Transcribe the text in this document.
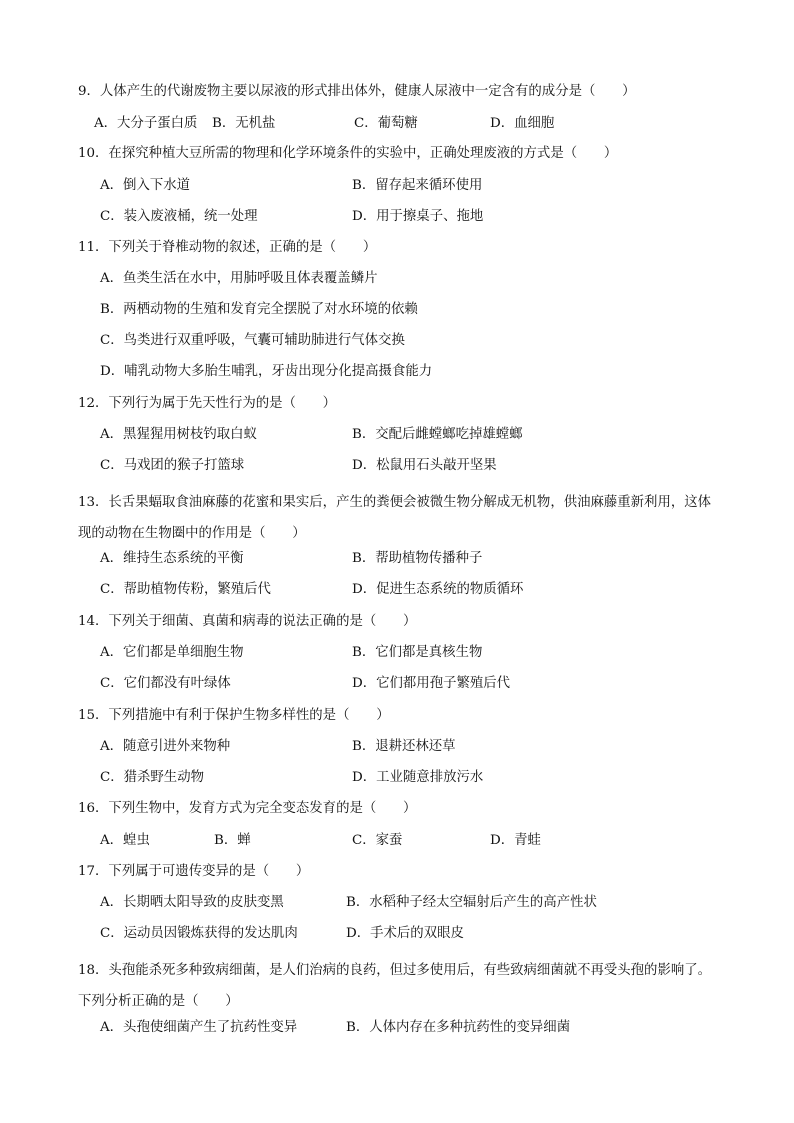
9．人体产生的代谢废物主要以尿液的形式排出体外，健康人尿液中一定含有的成分是（　　）
A．大分子蛋白质 B．无机盐	C．葡萄糖	D．血细胞
10．在探究种植大豆所需的物理和化学环境条件的实验中，正确处理废液的方式是（　　）
A．倒入下水道	B．留存起来循环使用
C．装入废液桶，统一处理	D．用于擦桌子、拖地
11．下列关于脊椎动物的叙述，正确的是（　　）
A．鱼类生活在水中，用肺呼吸且体表覆盖鳞片
B．两栖动物的生殖和发育完全摆脱了对水环境的依赖
C．鸟类进行双重呼吸，气囊可辅助肺进行气体交换
D．哺乳动物大多胎生哺乳，牙齿出现分化提高摄食能力
12．下列行为属于先天性行为的是（　　）
A．黑猩猩用树枝钓取白蚁	B．交配后雌螳螂吃掉雄螳螂
C．马戏团的猴子打篮球	D．松鼠用石头敲开坚果
13．长舌果蝠取食油麻藤的花蜜和果实后，产生的粪便会被微生物分解成无机物，供油麻藤重新利用，这体现的动物在生物圈中的作用是（　　）
A．维持生态系统的平衡	B．帮助植物传播种子
C．帮助植物传粉，繁殖后代	D．促进生态系统的物质循环
14．下列关于细菌、真菌和病毒的说法正确的是（　　）
A．它们都是单细胞生物	B．它们都是真核生物
C．它们都没有叶绿体	D．它们都用孢子繁殖后代
15．下列措施中有利于保护生物多样性的是（　　）
A．随意引进外来物种	B．退耕还林还草
C．猎杀野生动物	D．工业随意排放污水
16．下列生物中，发育方式为完全变态发育的是（　　）
A．蝗虫	B．蝉	C．家蚕	D．青蛙
17．下列属于可遗传变异的是（　　）
A．长期晒太阳导致的皮肤变黑	B．水稻种子经太空辐射后产生的高产性状
C．运动员因锻炼获得的发达肌肉	D．手术后的双眼皮
18．头孢能杀死多种致病细菌，是人们治病的良药，但过多使用后，有些致病细菌就不再受头孢的影响了。下列分析正确的是（　　）
A．头孢使细菌产生了抗药性变异	B．人体内存在多种抗药性的变异细菌
